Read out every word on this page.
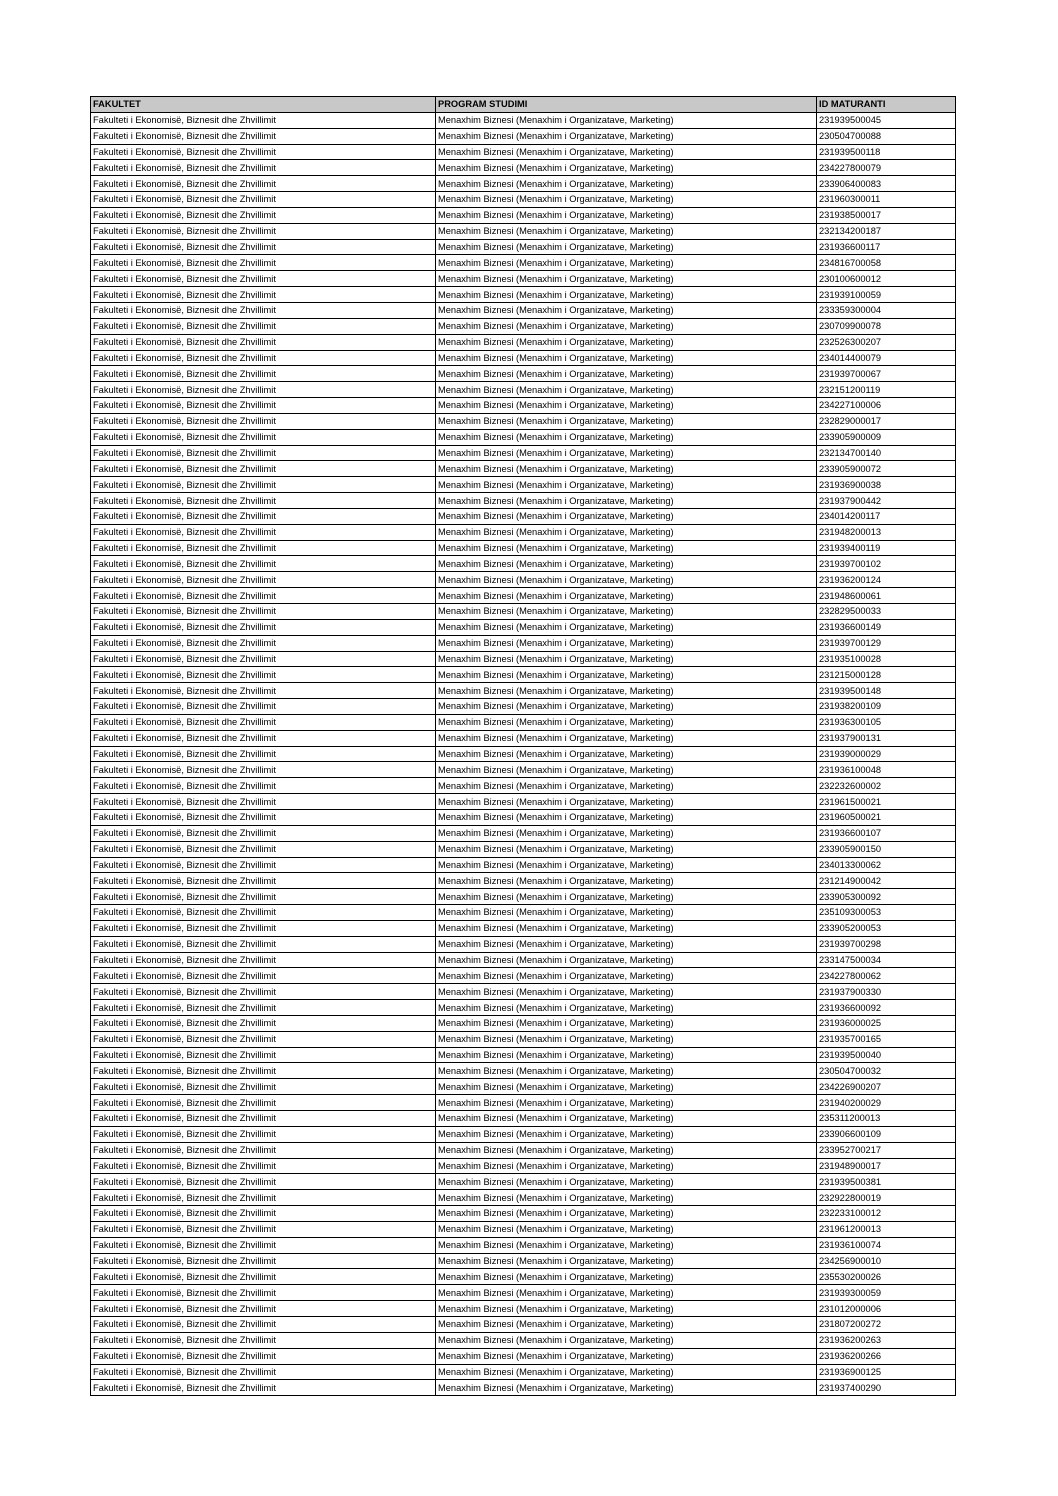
FAKULTET	PROGRAM STUDIMI	ID MATURANTI
Fakulteti i Ekonomisë, Biznesit dhe Zhvillimit	Menaxhim Biznesi (Menaxhim i Organizatave, Marketing)	231939500045
Fakulteti i Ekonomisë, Biznesit dhe Zhvillimit	Menaxhim Biznesi (Menaxhim i Organizatave, Marketing)	230504700088
Fakulteti i Ekonomisë, Biznesit dhe Zhvillimit	Menaxhim Biznesi (Menaxhim i Organizatave, Marketing)	231939500118
Fakulteti i Ekonomisë, Biznesit dhe Zhvillimit	Menaxhim Biznesi (Menaxhim i Organizatave, Marketing)	234227800079
Fakulteti i Ekonomisë, Biznesit dhe Zhvillimit	Menaxhim Biznesi (Menaxhim i Organizatave, Marketing)	233906400083
Fakulteti i Ekonomisë, Biznesit dhe Zhvillimit	Menaxhim Biznesi (Menaxhim i Organizatave, Marketing)	231960300011
Fakulteti i Ekonomisë, Biznesit dhe Zhvillimit	Menaxhim Biznesi (Menaxhim i Organizatave, Marketing)	231938500017
Fakulteti i Ekonomisë, Biznesit dhe Zhvillimit	Menaxhim Biznesi (Menaxhim i Organizatave, Marketing)	232134200187
Fakulteti i Ekonomisë, Biznesit dhe Zhvillimit	Menaxhim Biznesi (Menaxhim i Organizatave, Marketing)	231936600117
Fakulteti i Ekonomisë, Biznesit dhe Zhvillimit	Menaxhim Biznesi (Menaxhim i Organizatave, Marketing)	234816700058
Fakulteti i Ekonomisë, Biznesit dhe Zhvillimit	Menaxhim Biznesi (Menaxhim i Organizatave, Marketing)	230100600012
Fakulteti i Ekonomisë, Biznesit dhe Zhvillimit	Menaxhim Biznesi (Menaxhim i Organizatave, Marketing)	231939100059
Fakulteti i Ekonomisë, Biznesit dhe Zhvillimit	Menaxhim Biznesi (Menaxhim i Organizatave, Marketing)	233359300004
Fakulteti i Ekonomisë, Biznesit dhe Zhvillimit	Menaxhim Biznesi (Menaxhim i Organizatave, Marketing)	230709900078
Fakulteti i Ekonomisë, Biznesit dhe Zhvillimit	Menaxhim Biznesi (Menaxhim i Organizatave, Marketing)	232526300207
Fakulteti i Ekonomisë, Biznesit dhe Zhvillimit	Menaxhim Biznesi (Menaxhim i Organizatave, Marketing)	234014400079
Fakulteti i Ekonomisë, Biznesit dhe Zhvillimit	Menaxhim Biznesi (Menaxhim i Organizatave, Marketing)	231939700067
Fakulteti i Ekonomisë, Biznesit dhe Zhvillimit	Menaxhim Biznesi (Menaxhim i Organizatave, Marketing)	232151200119
Fakulteti i Ekonomisë, Biznesit dhe Zhvillimit	Menaxhim Biznesi (Menaxhim i Organizatave, Marketing)	234227100006
Fakulteti i Ekonomisë, Biznesit dhe Zhvillimit	Menaxhim Biznesi (Menaxhim i Organizatave, Marketing)	232829000017
Fakulteti i Ekonomisë, Biznesit dhe Zhvillimit	Menaxhim Biznesi (Menaxhim i Organizatave, Marketing)	233905900009
Fakulteti i Ekonomisë, Biznesit dhe Zhvillimit	Menaxhim Biznesi (Menaxhim i Organizatave, Marketing)	232134700140
Fakulteti i Ekonomisë, Biznesit dhe Zhvillimit	Menaxhim Biznesi (Menaxhim i Organizatave, Marketing)	233905900072
Fakulteti i Ekonomisë, Biznesit dhe Zhvillimit	Menaxhim Biznesi (Menaxhim i Organizatave, Marketing)	231936900038
Fakulteti i Ekonomisë, Biznesit dhe Zhvillimit	Menaxhim Biznesi (Menaxhim i Organizatave, Marketing)	231937900442
Fakulteti i Ekonomisë, Biznesit dhe Zhvillimit	Menaxhim Biznesi (Menaxhim i Organizatave, Marketing)	234014200117
Fakulteti i Ekonomisë, Biznesit dhe Zhvillimit	Menaxhim Biznesi (Menaxhim i Organizatave, Marketing)	231948200013
Fakulteti i Ekonomisë, Biznesit dhe Zhvillimit	Menaxhim Biznesi (Menaxhim i Organizatave, Marketing)	231939400119
Fakulteti i Ekonomisë, Biznesit dhe Zhvillimit	Menaxhim Biznesi (Menaxhim i Organizatave, Marketing)	231939700102
Fakulteti i Ekonomisë, Biznesit dhe Zhvillimit	Menaxhim Biznesi (Menaxhim i Organizatave, Marketing)	231936200124
Fakulteti i Ekonomisë, Biznesit dhe Zhvillimit	Menaxhim Biznesi (Menaxhim i Organizatave, Marketing)	231948600061
Fakulteti i Ekonomisë, Biznesit dhe Zhvillimit	Menaxhim Biznesi (Menaxhim i Organizatave, Marketing)	232829500033
Fakulteti i Ekonomisë, Biznesit dhe Zhvillimit	Menaxhim Biznesi (Menaxhim i Organizatave, Marketing)	231936600149
Fakulteti i Ekonomisë, Biznesit dhe Zhvillimit	Menaxhim Biznesi (Menaxhim i Organizatave, Marketing)	231939700129
Fakulteti i Ekonomisë, Biznesit dhe Zhvillimit	Menaxhim Biznesi (Menaxhim i Organizatave, Marketing)	231935100028
Fakulteti i Ekonomisë, Biznesit dhe Zhvillimit	Menaxhim Biznesi (Menaxhim i Organizatave, Marketing)	231215000128
Fakulteti i Ekonomisë, Biznesit dhe Zhvillimit	Menaxhim Biznesi (Menaxhim i Organizatave, Marketing)	231939500148
Fakulteti i Ekonomisë, Biznesit dhe Zhvillimit	Menaxhim Biznesi (Menaxhim i Organizatave, Marketing)	231938200109
Fakulteti i Ekonomisë, Biznesit dhe Zhvillimit	Menaxhim Biznesi (Menaxhim i Organizatave, Marketing)	231936300105
Fakulteti i Ekonomisë, Biznesit dhe Zhvillimit	Menaxhim Biznesi (Menaxhim i Organizatave, Marketing)	231937900131
Fakulteti i Ekonomisë, Biznesit dhe Zhvillimit	Menaxhim Biznesi (Menaxhim i Organizatave, Marketing)	231939000029
Fakulteti i Ekonomisë, Biznesit dhe Zhvillimit	Menaxhim Biznesi (Menaxhim i Organizatave, Marketing)	231936100048
Fakulteti i Ekonomisë, Biznesit dhe Zhvillimit	Menaxhim Biznesi (Menaxhim i Organizatave, Marketing)	232232600002
Fakulteti i Ekonomisë, Biznesit dhe Zhvillimit	Menaxhim Biznesi (Menaxhim i Organizatave, Marketing)	231961500021
Fakulteti i Ekonomisë, Biznesit dhe Zhvillimit	Menaxhim Biznesi (Menaxhim i Organizatave, Marketing)	231960500021
Fakulteti i Ekonomisë, Biznesit dhe Zhvillimit	Menaxhim Biznesi (Menaxhim i Organizatave, Marketing)	231936600107
Fakulteti i Ekonomisë, Biznesit dhe Zhvillimit	Menaxhim Biznesi (Menaxhim i Organizatave, Marketing)	233905900150
Fakulteti i Ekonomisë, Biznesit dhe Zhvillimit	Menaxhim Biznesi (Menaxhim i Organizatave, Marketing)	234013300062
Fakulteti i Ekonomisë, Biznesit dhe Zhvillimit	Menaxhim Biznesi (Menaxhim i Organizatave, Marketing)	231214900042
Fakulteti i Ekonomisë, Biznesit dhe Zhvillimit	Menaxhim Biznesi (Menaxhim i Organizatave, Marketing)	233905300092
Fakulteti i Ekonomisë, Biznesit dhe Zhvillimit	Menaxhim Biznesi (Menaxhim i Organizatave, Marketing)	235109300053
Fakulteti i Ekonomisë, Biznesit dhe Zhvillimit	Menaxhim Biznesi (Menaxhim i Organizatave, Marketing)	233905200053
Fakulteti i Ekonomisë, Biznesit dhe Zhvillimit	Menaxhim Biznesi (Menaxhim i Organizatave, Marketing)	231939700298
Fakulteti i Ekonomisë, Biznesit dhe Zhvillimit	Menaxhim Biznesi (Menaxhim i Organizatave, Marketing)	233147500034
Fakulteti i Ekonomisë, Biznesit dhe Zhvillimit	Menaxhim Biznesi (Menaxhim i Organizatave, Marketing)	234227800062
Fakulteti i Ekonomisë, Biznesit dhe Zhvillimit	Menaxhim Biznesi (Menaxhim i Organizatave, Marketing)	231937900330
Fakulteti i Ekonomisë, Biznesit dhe Zhvillimit	Menaxhim Biznesi (Menaxhim i Organizatave, Marketing)	231936600092
Fakulteti i Ekonomisë, Biznesit dhe Zhvillimit	Menaxhim Biznesi (Menaxhim i Organizatave, Marketing)	231936000025
Fakulteti i Ekonomisë, Biznesit dhe Zhvillimit	Menaxhim Biznesi (Menaxhim i Organizatave, Marketing)	231935700165
Fakulteti i Ekonomisë, Biznesit dhe Zhvillimit	Menaxhim Biznesi (Menaxhim i Organizatave, Marketing)	231939500040
Fakulteti i Ekonomisë, Biznesit dhe Zhvillimit	Menaxhim Biznesi (Menaxhim i Organizatave, Marketing)	230504700032
Fakulteti i Ekonomisë, Biznesit dhe Zhvillimit	Menaxhim Biznesi (Menaxhim i Organizatave, Marketing)	234226900207
Fakulteti i Ekonomisë, Biznesit dhe Zhvillimit	Menaxhim Biznesi (Menaxhim i Organizatave, Marketing)	231940200029
Fakulteti i Ekonomisë, Biznesit dhe Zhvillimit	Menaxhim Biznesi (Menaxhim i Organizatave, Marketing)	235311200013
Fakulteti i Ekonomisë, Biznesit dhe Zhvillimit	Menaxhim Biznesi (Menaxhim i Organizatave, Marketing)	233906600109
Fakulteti i Ekonomisë, Biznesit dhe Zhvillimit	Menaxhim Biznesi (Menaxhim i Organizatave, Marketing)	233952700217
Fakulteti i Ekonomisë, Biznesit dhe Zhvillimit	Menaxhim Biznesi (Menaxhim i Organizatave, Marketing)	231948900017
Fakulteti i Ekonomisë, Biznesit dhe Zhvillimit	Menaxhim Biznesi (Menaxhim i Organizatave, Marketing)	231939500381
Fakulteti i Ekonomisë, Biznesit dhe Zhvillimit	Menaxhim Biznesi (Menaxhim i Organizatave, Marketing)	232922800019
Fakulteti i Ekonomisë, Biznesit dhe Zhvillimit	Menaxhim Biznesi (Menaxhim i Organizatave, Marketing)	232233100012
Fakulteti i Ekonomisë, Biznesit dhe Zhvillimit	Menaxhim Biznesi (Menaxhim i Organizatave, Marketing)	231961200013
Fakulteti i Ekonomisë, Biznesit dhe Zhvillimit	Menaxhim Biznesi (Menaxhim i Organizatave, Marketing)	231936100074
Fakulteti i Ekonomisë, Biznesit dhe Zhvillimit	Menaxhim Biznesi (Menaxhim i Organizatave, Marketing)	234256900010
Fakulteti i Ekonomisë, Biznesit dhe Zhvillimit	Menaxhim Biznesi (Menaxhim i Organizatave, Marketing)	235530200026
Fakulteti i Ekonomisë, Biznesit dhe Zhvillimit	Menaxhim Biznesi (Menaxhim i Organizatave, Marketing)	231939300059
Fakulteti i Ekonomisë, Biznesit dhe Zhvillimit	Menaxhim Biznesi (Menaxhim i Organizatave, Marketing)	231012000006
Fakulteti i Ekonomisë, Biznesit dhe Zhvillimit	Menaxhim Biznesi (Menaxhim i Organizatave, Marketing)	231807200272
Fakulteti i Ekonomisë, Biznesit dhe Zhvillimit	Menaxhim Biznesi (Menaxhim i Organizatave, Marketing)	231936200263
Fakulteti i Ekonomisë, Biznesit dhe Zhvillimit	Menaxhim Biznesi (Menaxhim i Organizatave, Marketing)	231936200266
Fakulteti i Ekonomisë, Biznesit dhe Zhvillimit	Menaxhim Biznesi (Menaxhim i Organizatave, Marketing)	231936900125
Fakulteti i Ekonomisë, Biznesit dhe Zhvillimit	Menaxhim Biznesi (Menaxhim i Organizatave, Marketing)	231937400290
